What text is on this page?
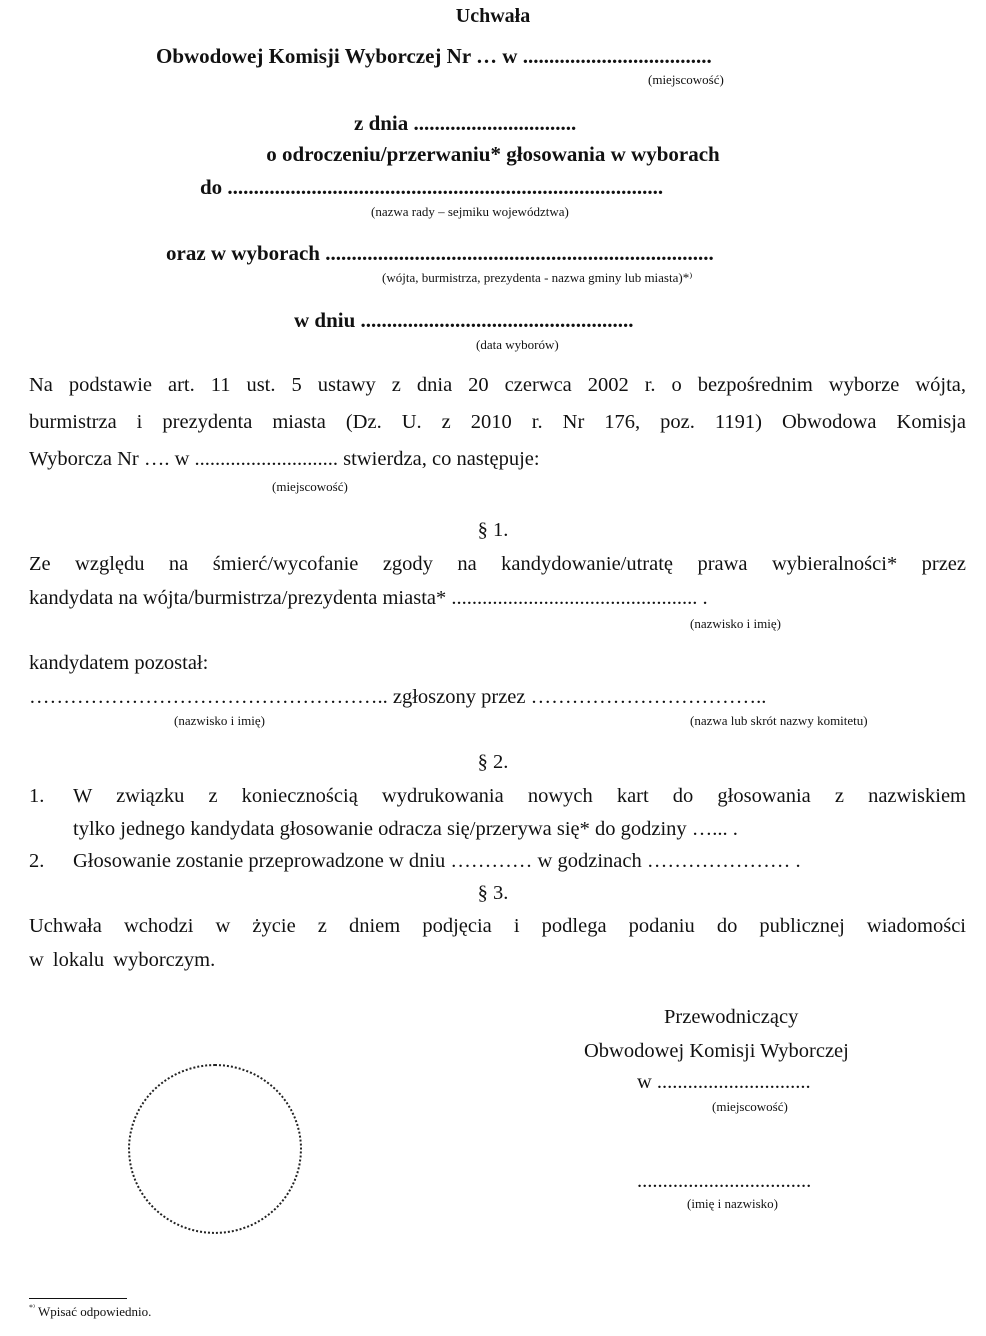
Uchwała
Obwodowej Komisji Wyborczej Nr … w ....................................
(miejscowość)
z dnia ...............................
o odroczeniu/przerwaniu* głosowania w wyborach
do ...................................................................................
(nazwa rady – sejmiku województwa)
oraz w wyborach ..........................................................................
(wójta, burmistrza, prezydenta - nazwa gminy lub miasta)*⁾
w dniu ....................................................
(data wyborów)
Na podstawie art. 11 ust. 5 ustawy z dnia 20 czerwca 2002 r. o bezpośrednim wyborze wójta,
burmistrza i prezydenta miasta (Dz. U. z 2010 r. Nr 176, poz. 1191) Obwodowa Komisja
Wyborcza Nr …. w ............................ stwierdza, co następuje:
(miejscowość)
§ 1.
Ze względu na śmierć/wycofanie zgody na kandydowanie/utratę prawa wybieralności* przez
kandydata na wójta/burmistrza/prezydenta miasta* ................................................ .
(nazwisko i imię)
kandydatem pozostał:
…………………………………………….. zgłoszony przez ……………………………..
(nazwisko i imię)	(nazwa lub skrót nazwy komitetu)
§ 2.
1. W związku z koniecznością wydrukowania nowych kart do głosowania z nazwiskiem
tylko jednego kandydata głosowanie odracza się/przerywa się* do godziny …... .
2. Głosowanie zostanie przeprowadzone w dniu ………… w godzinach ………………… .
§ 3.
Uchwała wchodzi w życie z dniem podjęcia i podlega podaniu do publicznej wiadomości
w lokalu wyborczym.
Przewodniczący
Obwodowej Komisji Wyborczej
w ..............................
(miejscowość)
..................................
(imię i nazwisko)
*⁾ Wpisać odpowiednio.
